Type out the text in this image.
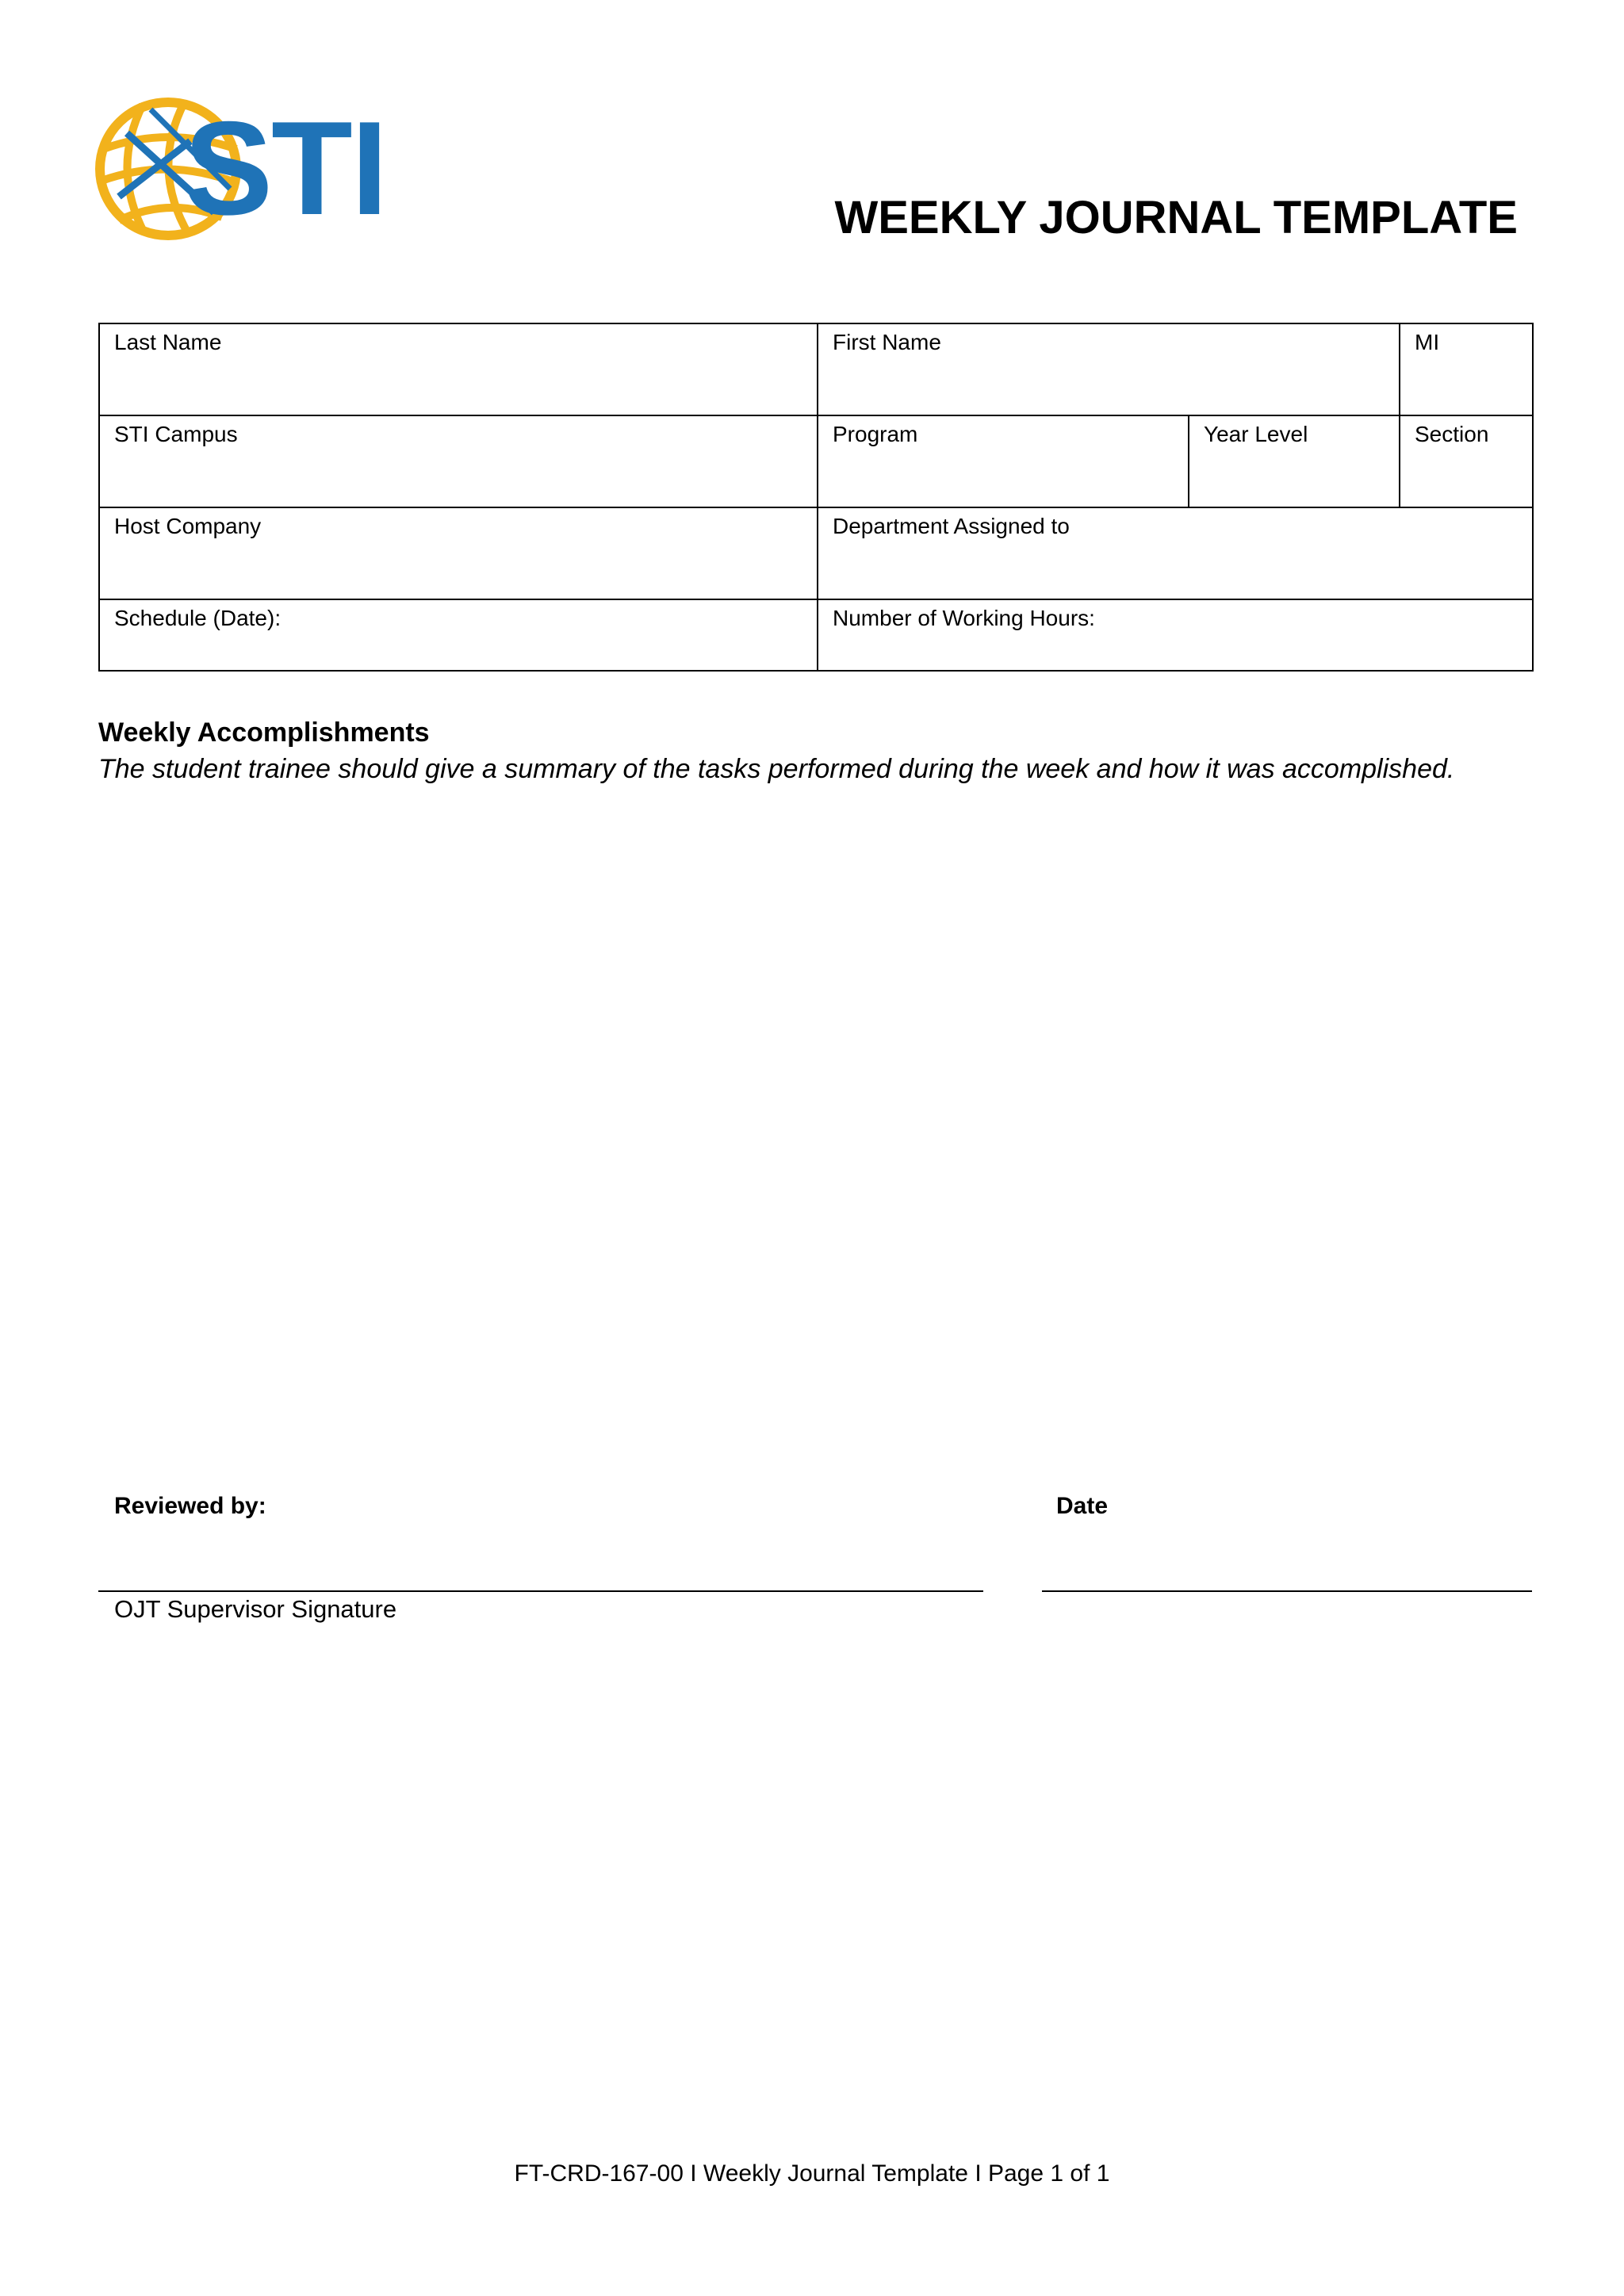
STI	WEEKLY JOURNAL TEMPLATE
Last Name	First Name		MI
STI Campus	Program	Year Level	Section
Host Company	Department Assigned to		
Schedule (Date):	Number of Working Hours:		
Weekly Accomplishments
The student trainee should give a summary of the tasks performed during the week and how it was accomplished.
Reviewed by:	Date
OJT Supervisor Signature
FT-CRD-167-00 I Weekly Journal Template I Page 1 of 1
